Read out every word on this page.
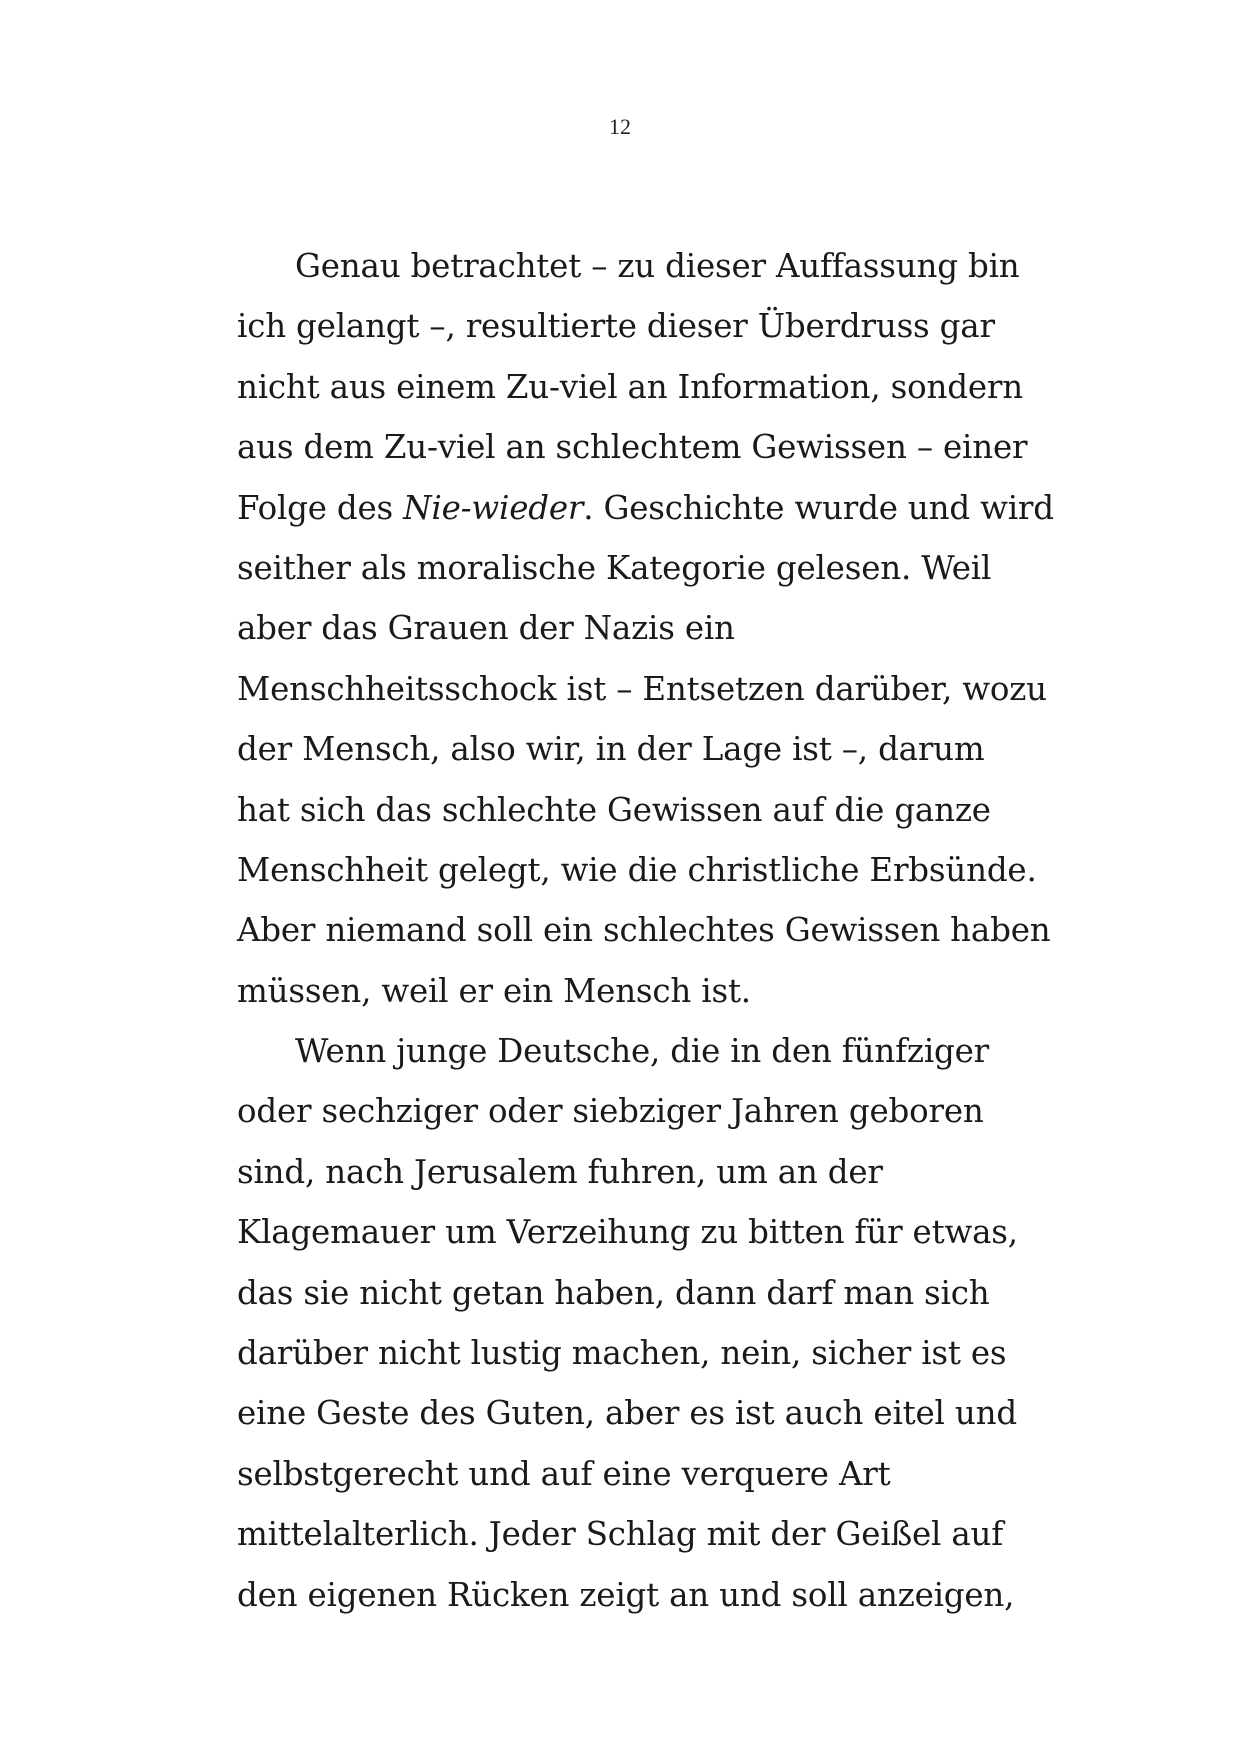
12
Genau betrachtet – zu dieser Auffassung bin
ich gelangt –, resultierte dieser Überdruss gar
nicht aus einem Zu-viel an Information, sondern
aus dem Zu-viel an schlechtem Gewissen – einer
Folge des Nie-wieder. Geschichte wurde und wird
seither als moralische Kategorie gelesen. Weil
aber das Grauen der Nazis ein
Menschheitsschock ist – Entsetzen darüber, wozu
der Mensch, also wir, in der Lage ist –, darum
hat sich das schlechte Gewissen auf die ganze
Menschheit gelegt, wie die christliche Erbsünde.
Aber niemand soll ein schlechtes Gewissen haben
müssen, weil er ein Mensch ist.
Wenn junge Deutsche, die in den fünfziger
oder sechziger oder siebziger Jahren geboren
sind, nach Jerusalem fuhren, um an der
Klagemauer um Verzeihung zu bitten für etwas,
das sie nicht getan haben, dann darf man sich
darüber nicht lustig machen, nein, sicher ist es
eine Geste des Guten, aber es ist auch eitel und
selbstgerecht und auf eine verquere Art
mittelalterlich. Jeder Schlag mit der Geißel auf
den eigenen Rücken zeigt an und soll anzeigen,
